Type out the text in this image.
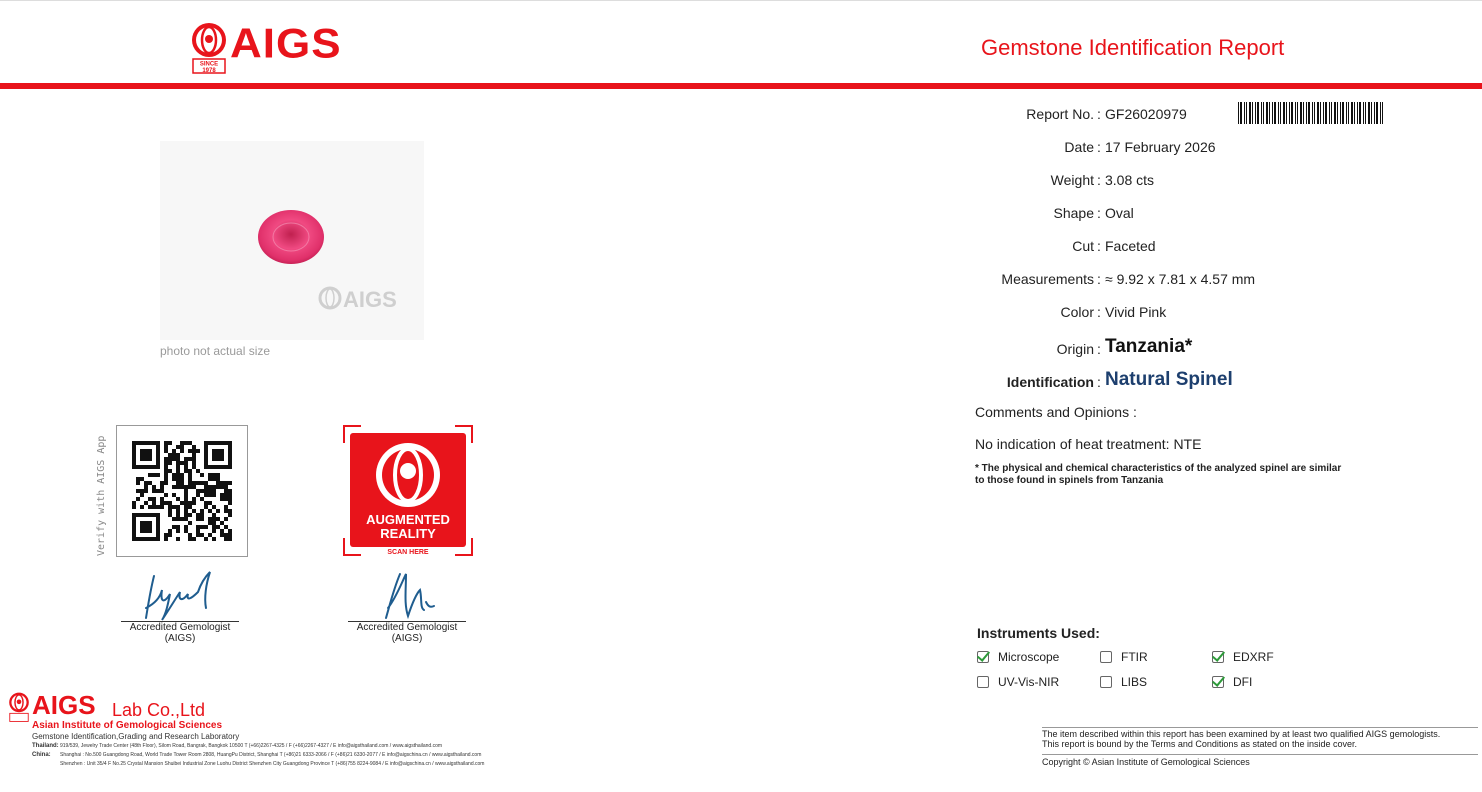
SINCE
1978
AIGS	Gemstone Identification Report
AIGS
photo not actual size
Report No. : GF26020979
Date : 17 February 2026
Weight : 3.08 cts
Shape : Oval
Cut : Faceted
Measurements : ≈ 9.92 x 7.81 x 4.57 mm
Color : Vivid Pink
Origin : Tanzania*
Identification : Natural Spinel
Comments and Opinions :
No indication of heat treatment: NTE
* The physical and chemical characteristics of the analyzed spinel are similar
to those found in spinels from Tanzania
Verify with AIGS App	AUGMENTED
REALITY
SCAN HERE
Accredited Gemologist
(AIGS)
Accredited Gemologist
(AIGS)	Instruments Used:
Microscope	FTIR	EDXRF
UV-Vis-NIR	LIBS	DFI
The item described within this report has been examined by at least two qualified AIGS gemologists.
This report is bound by the Terms and Conditions as stated on the inside cover.
Copyright © Asian Institute of Gemological Sciences
AIGS Lab Co.,Ltd
Asian Institute of Gemological Sciences
Gemstone Identification,Grading and Research Laboratory
Thailand:919/539, Jewelry Trade Center (48th Floor), Silom Road, Bangrak, Bangkok 10500 T (+66)2267-4325 / F (+66)2267-4327 / E info@aigsthailand.com / www.aigsthailand.com
China: Shanghai : No.500 Guangdong Road, World Trade Tower Room 2808, HuangPu District, Shanghai T (+86)21 6333-2066 / F (+86)21 6330-2077 / E info@aigschina.cn / www.aigsthailand.com
Shenzhen : Unit 35/4 F No.25 Crystal Mansion Shuibei Industrial Zone Luohu District Shenzhen City Guangdong Province T (+86)755 8224-9084 / E info@aigschina.cn / www.aigsthailand.com
